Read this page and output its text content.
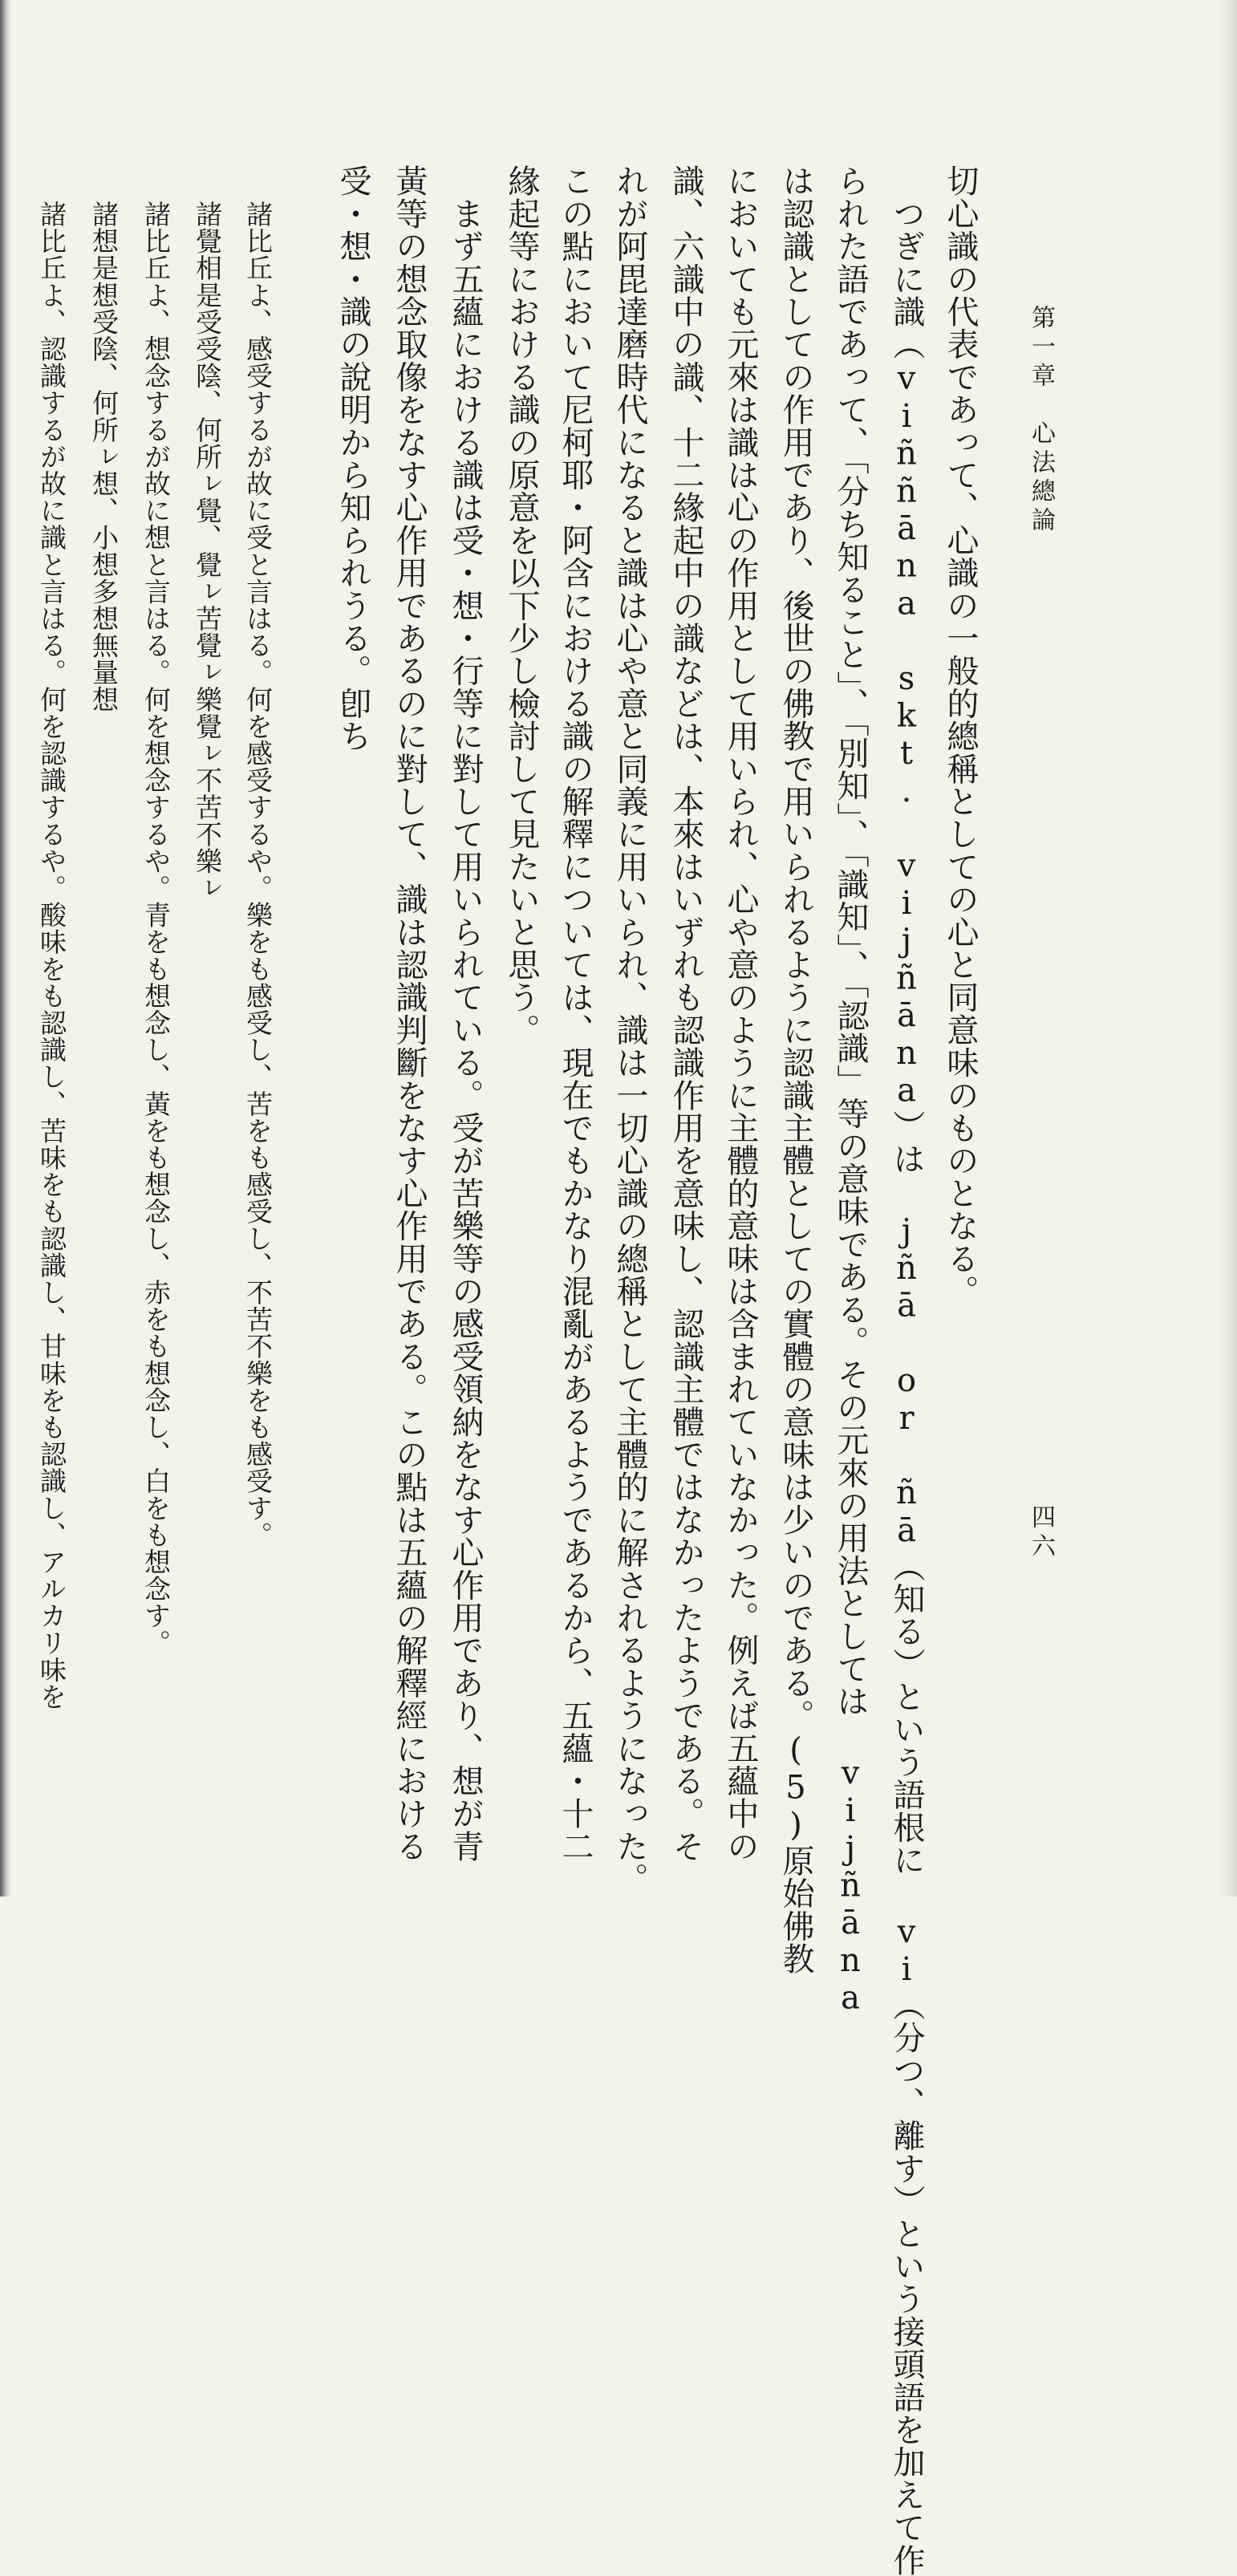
第一章　心法總論
四六
切心識の代表であって、心識の一般的總稱としての心と同意味のものとなる。
　つぎに識（viññāna skt. vijñāna）は jñā or ñā（知る）という語根に vi（分つ、離す）という接頭語を加えて作
られた語であって、「分ち知ること」、「別知」、「識知」、「認識」等の意味である。その元來の用法としては vijñāna
は認識としての作用であり、後世の佛教で用いられるように認識主體としての實體の意味は少いのである。(5)原始佛教
においても元來は識は心の作用として用いられ、心や意のように主體的意味は含まれていなかった。例えば五蘊中の
識、六識中の識、十二緣起中の識などは、本來はいずれも認識作用を意味し、認識主體ではなかったようである。そ
れが阿毘達磨時代になると識は心や意と同義に用いられ、識は一切心識の總稱として主體的に解されるようになった。
この點において尼柯耶・阿含における識の解釋については、現在でもかなり混亂があるようであるから、五蘊・十二
緣起等における識の原意を以下少し檢討して見たいと思う。
　まず五蘊における識は受・想・行等に對して用いられている。受が苦樂等の感受領納をなす心作用であり、想が青
黃等の想念取像をなす心作用であるのに對して、識は認識判斷をなす心作用である。この點は五蘊の解釋經における
受・想・識の說明から知られうる。卽ち
諸比丘よ、感受するが故に受と言はる。何を感受するや。樂をも感受し、苦をも感受し、不苦不樂をも感受す。
諸覺相是受受陰、何所ㇾ覺、覺ㇾ苦覺ㇾ樂覺ㇾ不苦不樂ㇾ
諸比丘よ、想念するが故に想と言はる。何を想念するや。青をも想念し、黃をも想念し、赤をも想念し、白をも想念す。
諸想是想受陰、何所ㇾ想、小想多想無量想
諸比丘よ、認識するが故に識と言はる。何を認識するや。酸味をも認識し、苦味をも認識し、甘味をも認識し、アルカリ味を
